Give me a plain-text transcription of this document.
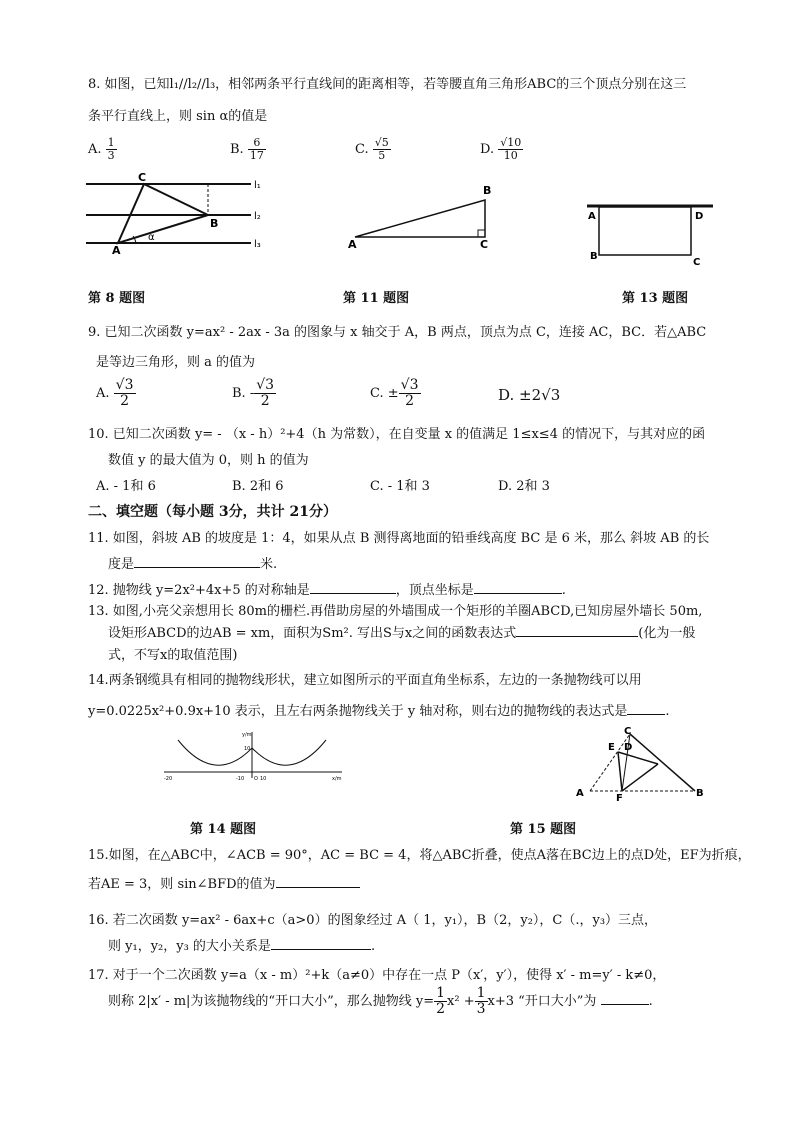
8. 如图，已知l₁//l₂//l₃，相邻两条平行直线间的距离相等，若等腰直角三角形ABC的三个顶点分别在这三
条平行直线上，则 sin α的值是
A. $\frac{1}{3}$	B. $\frac{6}{17}$	C. $\frac{√5}{5}$	D. $\frac{√10}{10}$
C
B
A
l₁
l₂
l₃
α
B
A	C
A	D
B
C
第 8 题图	第 11 题图	第 13 题图
9. 已知二次函数 y=ax² - 2ax - 3a 的图象与 x 轴交于 A，B 两点，顶点为点 C，连接 AC，BC．若△ABC
是等边三角形，则 a 的值为
A. $\frac{√3}{2}$	B. - $\frac{√3}{2}$	C. ± $\frac{√3}{2}$	D. ±2√3
10. 已知二次函数 y= - （x - h）²+4（h 为常数），在自变量 x 的值满足 1≤x≤4 的情况下，与其对应的函
数值 y 的最大值为 0，则 h 的值为
A. - 1和 6	B. 2和 6	C. - 1和 3	D. 2和 3
二、填空题（每小题 3分，共计 21分）
11. 如图，斜坡 AB 的坡度是 1：4，如果从点 B 测得离地面的铅垂线高度 BC 是 6 米，那么 斜坡 AB 的长
度是	米.
12. 抛物线 y=2x²+4x+5 的对称轴是	，顶点坐标是	.
13. 如图,小亮父亲想用长 80m的栅栏.再借助房屋的外墙围成一个矩形的羊圈ABCD,已知房屋外墙长 50m,
设矩形ABCD的边AB = xm，面积为Sm². 写出S与x之间的函数表达式	(化为一般
式，不写x的取值范围)
14.两条钢缆具有相同的抛物线形状，建立如图所示的平面直角坐标系，左边的一条抛物线可以用
y=0.0225x²+0.9x+10 表示，且左右两条抛物线关于 y 轴对称，则右边的抛物线的表达式是	.
y/m
x/m
O
-20	-10	10
10
C
E D
A	F	B
第 14 题图	第 15 题图
15.如图，在△ABC中，∠ACB = 90°，AC = BC = 4，将△ABC折叠，使点A落在BC边上的点D处，EF为折痕，
若AE = 3，则 sin∠BFD的值为
16. 若二次函数 y=ax² - 6ax+c（a>0）的图象经过 A（ 1，y₁），B（2，y₂），C（.，y₃）三点，
则 y₁，y₂，y₃ 的大小关系是	.
17. 对于一个二次函数 y=a（x - m）²+k（a≠0）中存在一点 P（x′，y′），使得 x′ - m=y′ - k≠0，
则称 2|x′ - m|为该抛物线的“开口大小”，那么抛物线 $y= \frac{1}{2} x^2 + \frac{1}{3} x+3$ “开口大小”为	.
